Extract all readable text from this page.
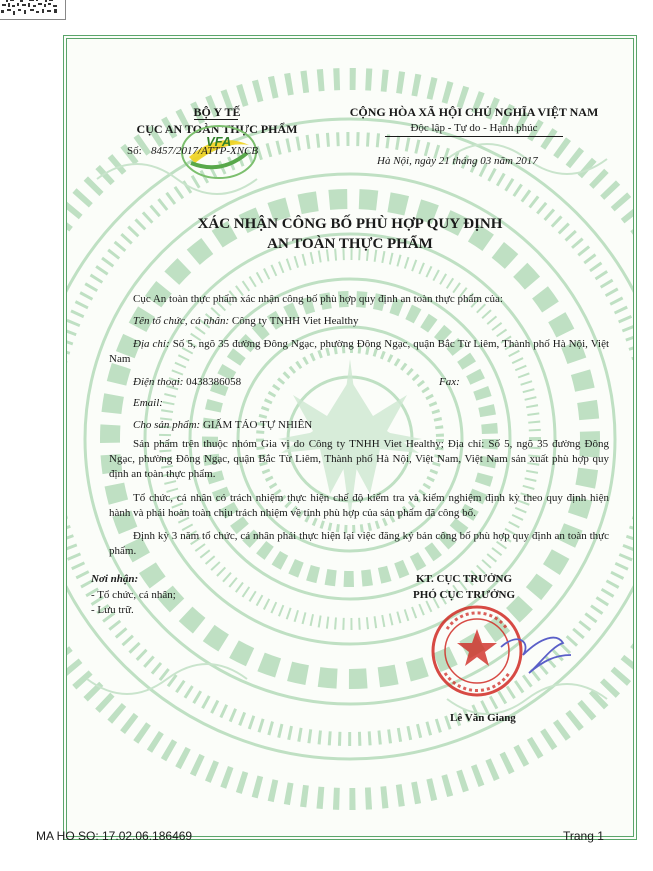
BỘ Y TẾ
CỤC AN TOÀN THỰC PHẨM
VFA
Số: 8457/2017/ATTP-XNCB
CỘNG HÒA XÃ HỘI CHỦ NGHĨA VIỆT NAM
Độc lập - Tự do - Hạnh phúc
Hà Nội, ngày 21 tháng 03 năm 2017
XÁC NHẬN CÔNG BỐ PHÙ HỢP QUY ĐỊNH
AN TOÀN THỰC PHẨM
Cục An toàn thực phẩm xác nhận công bố phù hợp quy định an toàn thực phẩm của:
Tên tổ chức, cá nhân: Công ty TNHH Viet Healthy
Địa chỉ: Số 5, ngõ 35 đường Đông Ngạc, phường Đông Ngạc, quận Bắc Từ Liêm, Thành phố Hà Nội, Việt Nam
Điện thoại: 0438386058	Fax:
Email:
Cho sản phẩm: GIẤM TÁO TỰ NHIÊN
Sản phẩm trên thuộc nhóm Gia vị do Công ty TNHH Viet Healthy; Địa chỉ: Số 5, ngõ 35 đường Đông Ngạc, phường Đông Ngạc, quận Bắc Từ Liêm, Thành phố Hà Nội, Việt Nam, Việt Nam sản xuất phù hợp quy định an toàn thực phẩm.
Tổ chức, cá nhân có trách nhiệm thực hiện chế độ kiểm tra và kiểm nghiệm định kỳ theo quy định hiện hành và phải hoàn toàn chịu trách nhiệm về tính phù hợp của sản phẩm đã công bố.
Định kỳ 3 năm tổ chức, cá nhân phải thực hiện lại việc đăng ký bản công bố phù hợp quy định an toàn thực phẩm.
Nơi nhận:
- Tổ chức, cá nhân;
- Lưu trữ.
KT. CỤC TRƯỞNG
PHÓ CỤC TRƯỞNG
Lê Văn Giang
MA HO SO: 17.02.06.186469	Trang 1
